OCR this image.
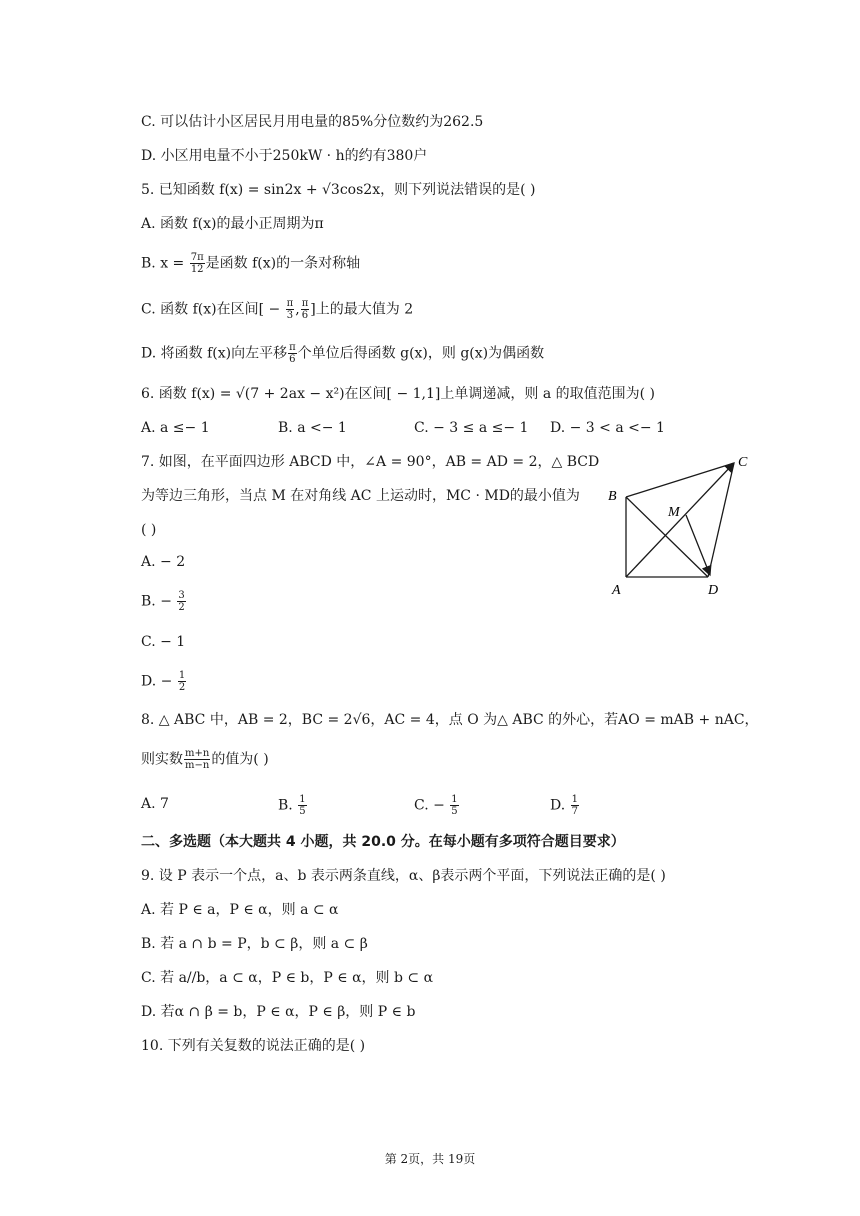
C. 可以估计小区居民月用电量的85%分位数约为262.5
D. 小区用电量不小于250kW · h的约有380户
5. 已知函数 f(x) = sin2x + √3cos2x，则下列说法错误的是( )
A. 函数 f(x)的最小正周期为π
B. $x = \frac{7\pi}{12}$ 是函数 f(x)的一条对称轴
C. 函数 f(x)在区间[ − $\frac{\pi}{3}$ , $\frac{\pi}{6}$ ]上的最大值为 2
D. 将函数 f(x)向左平移 $\frac{\pi}{6}$ 个单位后得函数 g(x)，则 g(x)为偶函数
6. 函数 f(x) = √(7 + 2ax − x²)在区间[ − 1,1]上单调递减，则 a 的取值范围为( )
A. a ≤− 1	B. a <− 1	C. − 3 ≤ a ≤− 1 D. − 3 < a <− 1
7. 如图，在平面四边形 ABCD 中，∠A = 90°，AB = AD = 2，△ BCD
为等边三角形，当点 M 在对角线 AC 上运动时，MC · MD的最小值为
( )
A. − 2
B. − $\frac{3}{2}$
C. − 1
D. − $\frac{1}{2}$
A
B
C
D
M
8. △ ABC 中，AB = 2，BC = 2√6，AC = 4，点 O 为△ ABC 的外心，若AO = mAB + nAC，
则实数 $\frac{m+n}{m-n}$ 的值为( )
A. 7	B. $\frac{1}{5}$	C. − $\frac{1}{5}$	D. $\frac{1}{7}$
二、多选题（本大题共 4 小题，共 20.0 分。在每小题有多项符合题目要求）
9. 设 P 表示一个点，a、b 表示两条直线，α、β表示两个平面，下列说法正确的是( )
A. 若 P ∈ a，P ∈ α，则 a ⊂ α
B. 若 a ∩ b = P，b ⊂ β，则 a ⊂ β
C. 若 a//b，a ⊂ α，P ∈ b，P ∈ α，则 b ⊂ α
D. 若α ∩ β = b，P ∈ α，P ∈ β，则 P ∈ b
10. 下列有关复数的说法正确的是( )
第 2页，共 19页
